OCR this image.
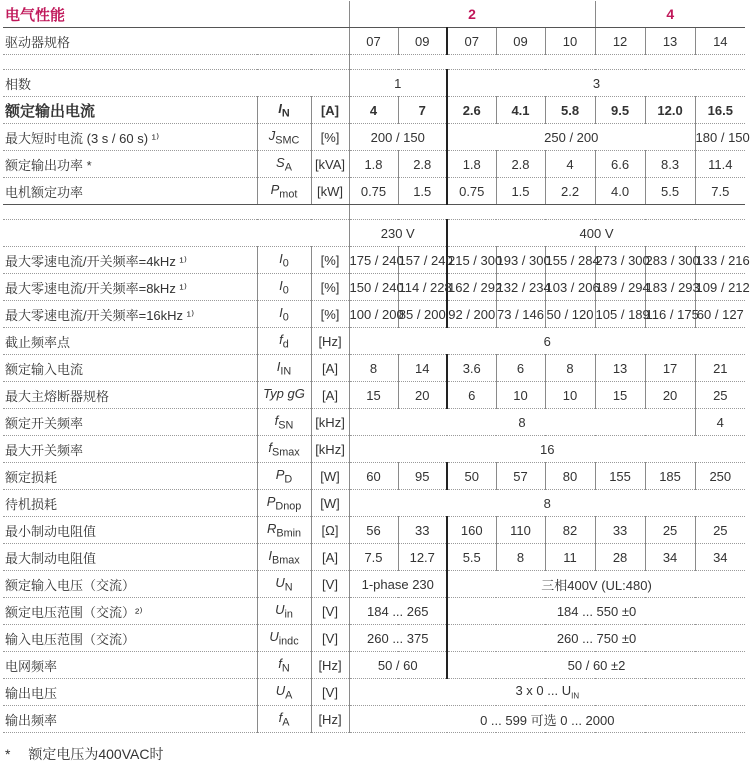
电气性能			2					4		
驱动器规格			07	09	07	09	10	12	13	14

相数			1		3					
额定输出电流	$I_N$	[A]	4	7	2.6	4.1	5.8	9.5	12.0	16.5
最大短时电流 (3 s / 60 s) ¹⁾	$J_{SMC}$	[%]	200 / 150		250 / 200					180 / 150
额定输出功率 *	$S_A$	[kVA]	1.8	2.8	1.8	2.8	4	6.6	8.3	11.4
电机额定功率	$P_{mot}$	[kW]	0.75	1.5	0.75	1.5	2.2	4.0	5.5	7.5

			230 V		400 V					
最大零速电流/开关频率=4kHz ¹⁾	$I_0$	[%]	175 / 240	157 / 240	215 / 300	193 / 300	155 / 284	273 / 300	283 / 300	133 / 216
最大零速电流/开关频率=8kHz ¹⁾	$I_0$	[%]	150 / 240	114 / 228	162 / 292	132 / 234	103 / 206	189 / 294	183 / 293	109 / 212
最大零速电流/开关频率=16kHz ¹⁾	$I_0$	[%]	100 / 200	85 / 200	92 / 200	73 / 146	50 / 120	105 / 189	116 / 175	60 / 127
截止频率点	$f_d$	[Hz]	6							
额定输入电流	$I_{IN}$	[A]	8	14	3.6	6	8	13	17	21
最大主熔断器规格	Typ gG	[A]	15	20	6	10	10	15	20	25
额定开关频率	$f_{SN}$	[kHz]	8							4
最大开关频率	$f_{Smax}$	[kHz]	16							
额定损耗	$P_D$	[W]	60	95	50	57	80	155	185	250
待机损耗	$P_{Dnop}$	[W]	8							
最小制动电阻值	$R_{Bmin}$	[Ω]	56	33	160	110	82	33	25	25
最大制动电阻值	$I_{Bmax}$	[A]	7.5	12.7	5.5	8	11	28	34	34
额定输入电压（交流）	$U_N$	[V]	1-phase 230		三相400V (UL:480)					
额定电压范围（交流）²⁾	$U_{in}$	[V]	184 ... 265		184 ... 550 ±0					
输入电压范围（交流）	$U_{indc}$	[V]	260 ... 375		260 ... 750 ±0					
电网频率	$f_N$	[Hz]	50 / 60		50 / 60 ±2					
输出电压	$U_A$	[V]	3 x 0 ... $U_{IN}$
输出频率	$f_A$	[Hz]	0 ... 599 可选 0 ... 2000							
* 额定电压为400VAC时
